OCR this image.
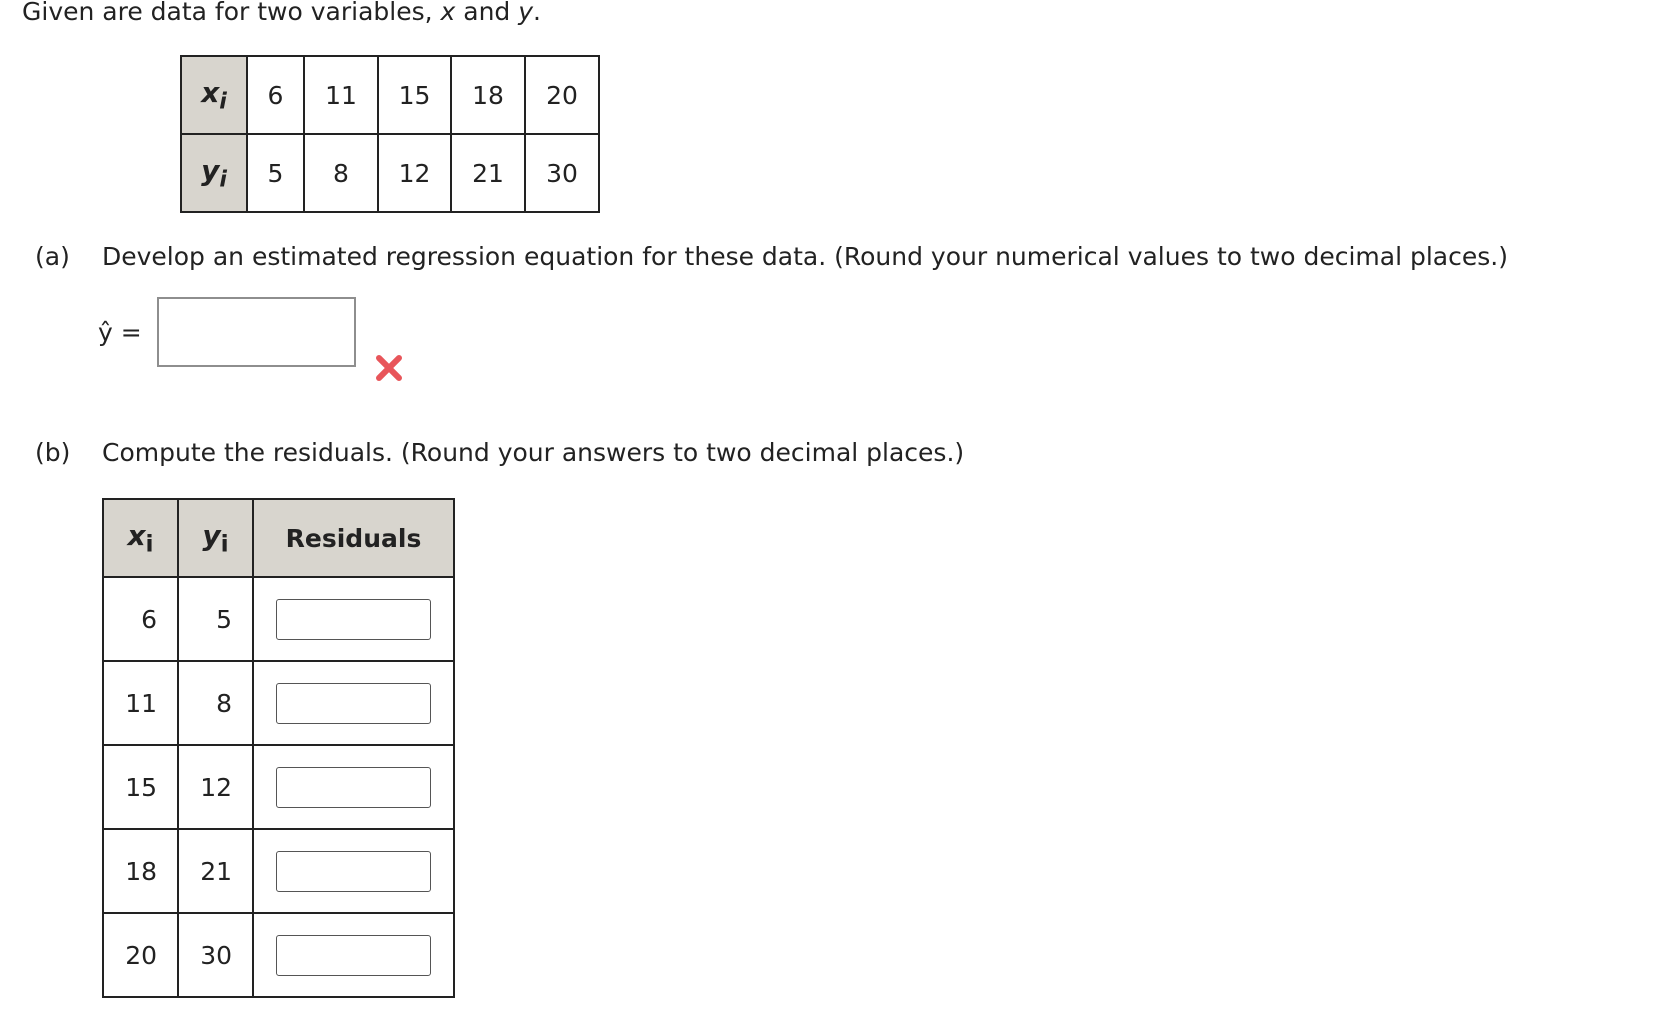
Given are data for two variables, x and y.
$x_i$	6	11	15	18	20
$y_i$	5	8	12	21	30
(a) Develop an estimated regression equation for these data. (Round your numerical values to two decimal places.)
ŷ =
(b) Compute the residuals. (Round your answers to two decimal places.)
$x_i$	$y_i$	Residuals
6	5	

11	8	

15	12	

18	21	

20	30	
